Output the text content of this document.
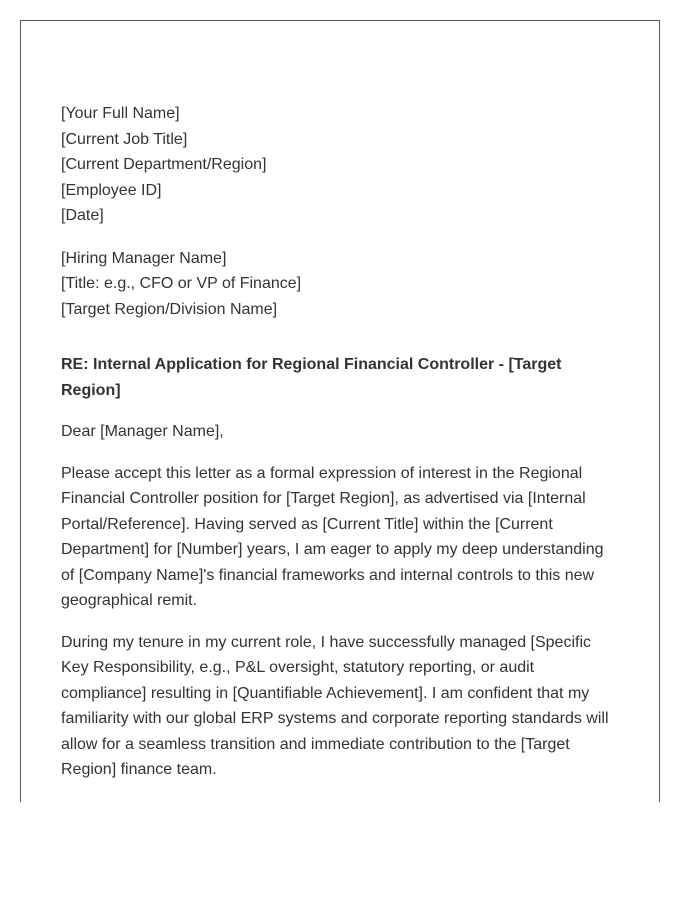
[Your Full Name]

[Current Job Title]

[Current Department/Region]

[Employee ID]

[Date]

[Hiring Manager Name]

[Title: e.g., CFO or VP of Finance]

[Target Region/Division Name]

RE: Internal Application for Regional Financial Controller - [Target Region]

Dear [Manager Name],

Please accept this letter as a formal expression of interest in the Regional Financial Controller position for [Target Region], as advertised via [Internal Portal/Reference]. Having served as [Current Title] within the [Current Department] for [Number] years, I am eager to apply my deep understanding of [Company Name]'s financial frameworks and internal controls to this new geographical remit.

During my tenure in my current role, I have successfully managed [Specific Key Responsibility, e.g., P&L oversight, statutory reporting, or audit compliance] resulting in [Quantifiable Achievement]. I am confident that my familiarity with our global ERP systems and corporate reporting standards will allow for a seamless transition and immediate contribution to the [Target Region] finance team.
